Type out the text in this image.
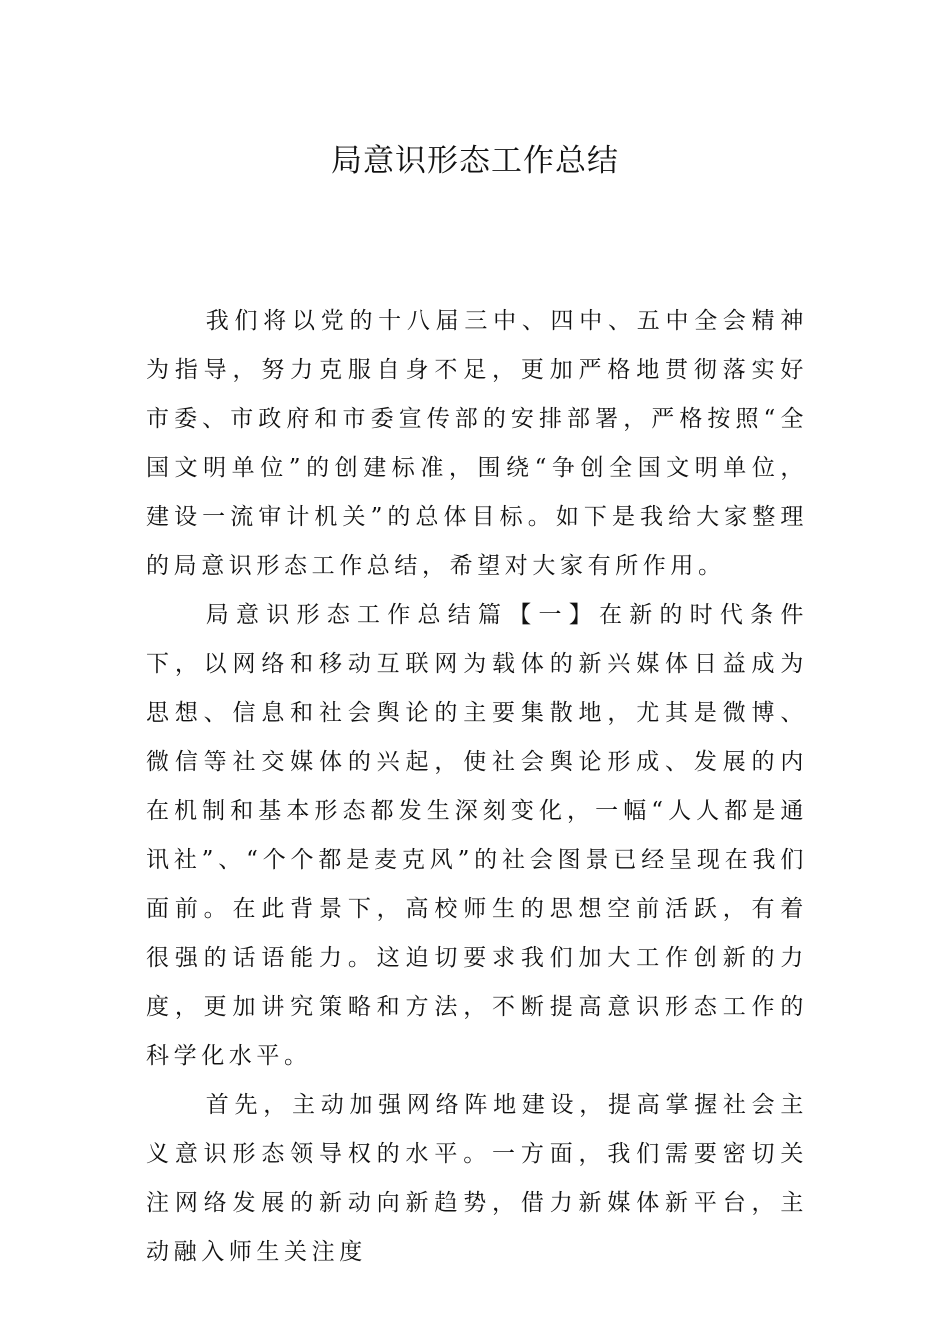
局意识形态工作总结

我们将以党的十八届三中、四中、五中全会精神为指导，努力克服自身不足，更加严格地贯彻落实好市委、市政府和市委宣传部的安排部署，严格按照“全国文明单位”的创建标准，围绕“争创全国文明单位，建设一流审计机关”的总体目标。如下是我给大家整理的局意识形态工作总结，希望对大家有所作用。

局意识形态工作总结篇【一】在新的时代条件下，以网络和移动互联网为载体的新兴媒体日益成为思想、信息和社会舆论的主要集散地，尤其是微博、微信等社交媒体的兴起，使社会舆论形成、发展的内在机制和基本形态都发生深刻变化，一幅“人人都是通讯社”、“个个都是麦克风”的社会图景已经呈现在我们面前。在此背景下，高校师生的思想空前活跃，有着很强的话语能力。这迫切要求我们加大工作创新的力度，更加讲究策略和方法，不断提高意识形态工作的科学化水平。

首先，主动加强网络阵地建设，提高掌握社会主义意识形态领导权的水平。一方面，我们需要密切关注网络发展的新动向新趋势，借力新媒体新平台，主动融入师生关注度
